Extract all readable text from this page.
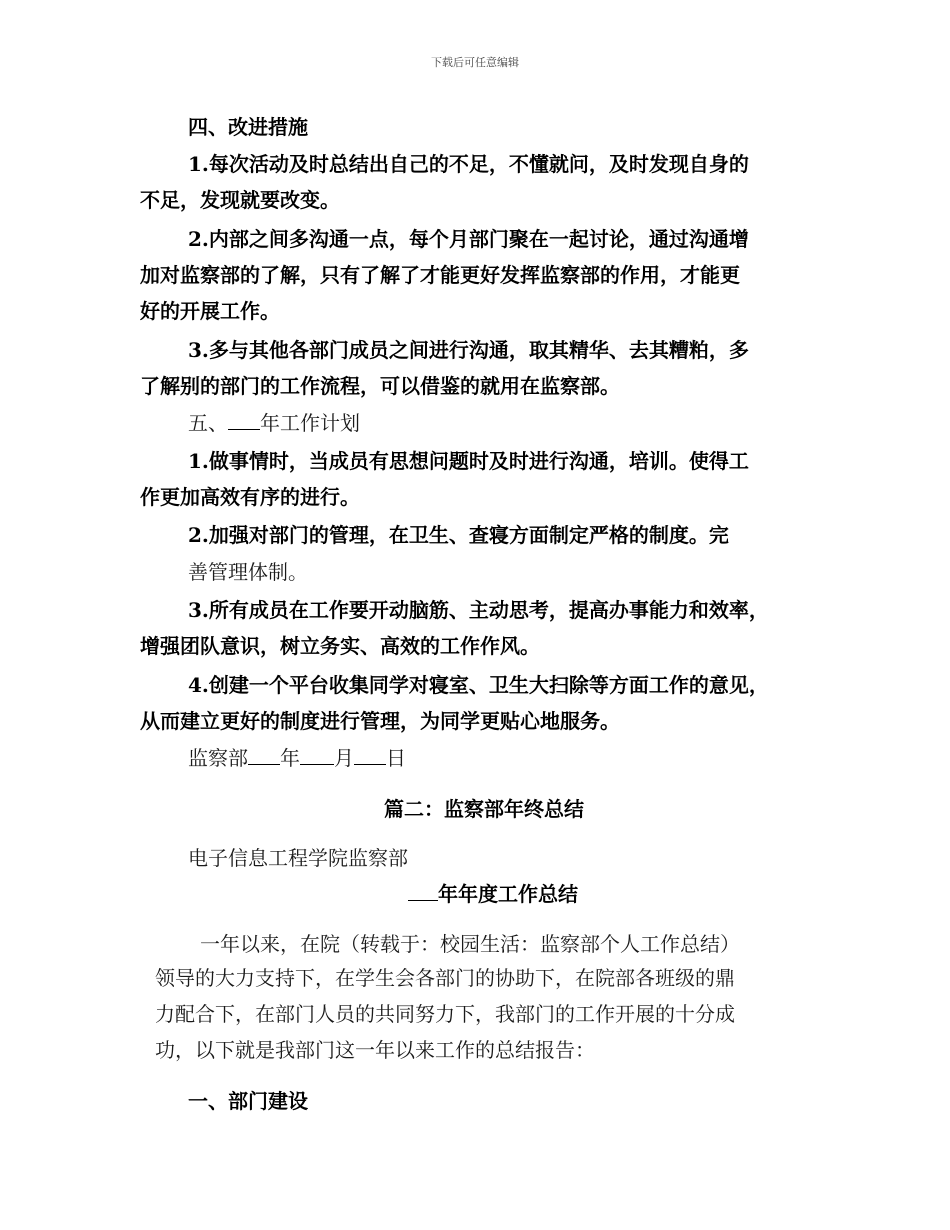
下载后可任意编辑
四、改进措施
1.每次活动及时总结出自己的不足，不懂就问，及时发现自身的
不足，发现就要改变。
2.内部之间多沟通一点，每个月部门聚在一起讨论，通过沟通增
加对监察部的了解，只有了解了才能更好发挥监察部的作用，才能更
好的开展工作。
3.多与其他各部门成员之间进行沟通，取其精华、去其糟粕，多
了解别的部门的工作流程，可以借鉴的就用在监察部。
五、 年工作计划
1.做事情时，当成员有思想问题时及时进行沟通，培训。使得工
作更加高效有序的进行。
2.加强对部门的管理，在卫生、查寝方面制定严格的制度。完
善管理体制。
3.所有成员在工作要开动脑筋、主动思考，提高办事能力和效率，
增强团队意识，树立务实、高效的工作作风。
4.创建一个平台收集同学对寝室、卫生大扫除等方面工作的意见，
从而建立更好的制度进行管理，为同学更贴心地服务。
监察部 年 月 日
篇二：监察部年终总结
电子信息工程学院监察部
年年度工作总结
一年以来，在院（转载于：校园生活：监察部个人工作总结）
领导的大力支持下，在学生会各部门的协助下，在院部各班级的鼎
力配合下，在部门人员的共同努力下，我部门的工作开展的十分成
功，以下就是我部门这一年以来工作的总结报告：
一、部门建设
